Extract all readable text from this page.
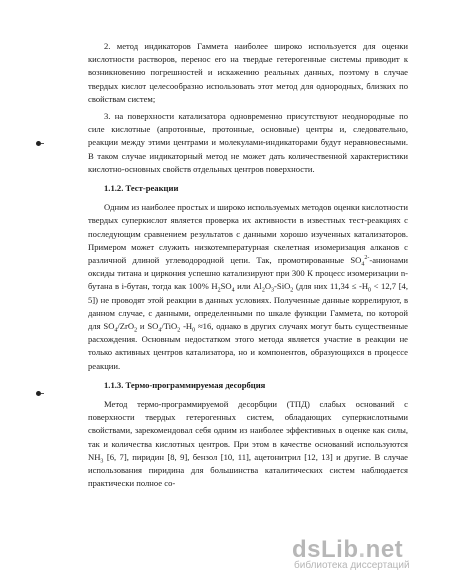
2. метод индикаторов Гаммета наиболее широко используется для оценки кислотности растворов, перенос его на твердые гетерогенные системы приводит к возникновению погрешностей и искажению реальных данных, поэтому в случае твердых кислот целесообразно использовать этот метод для однородных, близких по свойствам систем;

3. на поверхности катализатора одновременно присутствуют неоднородные по силе кислотные (апротонные, протонные, основные) центры и, следовательно, реакции между этими центрами и молекулами-индикаторами будут неравновесными. В таком случае индикаторный метод не может дать количественной характеристики кислотно-основных свойств отдельных центров поверхности.

1.1.2. Тест-реакции

Одним из наиболее простых и широко используемых методов оценки кислотности твердых суперкислот является проверка их активности в известных тест-реакциях с последующим сравнением результатов с данными хорошо изученных катализаторов. Примером может служить низкотемпературная скелетная изомеризация алканов с различной длиной углеводородной цепи. Так, промотированные $SO_4^{2-}$-анионами оксиды титана и циркония успешно катализируют при 300 К процесс изомеризации n-бутана в i-бутан, тогда как 100% $H_2SO_4$ или $Al_2O_3-SiO_2$ (для них $11,34 \le -H_0 < 12,7$ [4, 5]) не проводят этой реакции в данных условиях. Полученные данные коррелируют, в данном случае, с данными, определенными по шкале функции Гаммета, по которой для $SO_4/ZrO_2$ и $SO_4/TiO_2$ $-H_0 \approx 16$, однако в других случаях могут быть существенные расхождения. Основным недостатком этого метода является участие в реакции не только активных центров катализатора, но и компонентов, образующихся в процессе реакции.

1.1.3. Термо-программируемая десорбция

Метод термо-программируемой десорбции (ТПД) слабых оснований с поверхности твердых гетерогенных систем, обладающих суперкислотными свойствами, зарекомендовал себя одним из наиболее эффективных в оценке как силы, так и количества кислотных центров. При этом в качестве оснований используются $NH_3$ [6, 7], пиридин [8, 9], бензол [10, 11], ацетонитрил [12, 13] и другие. В случае использования пиридина для большинства каталитических систем наблюдается практически полное со-

dsLib.net
библиотека диссертаций
